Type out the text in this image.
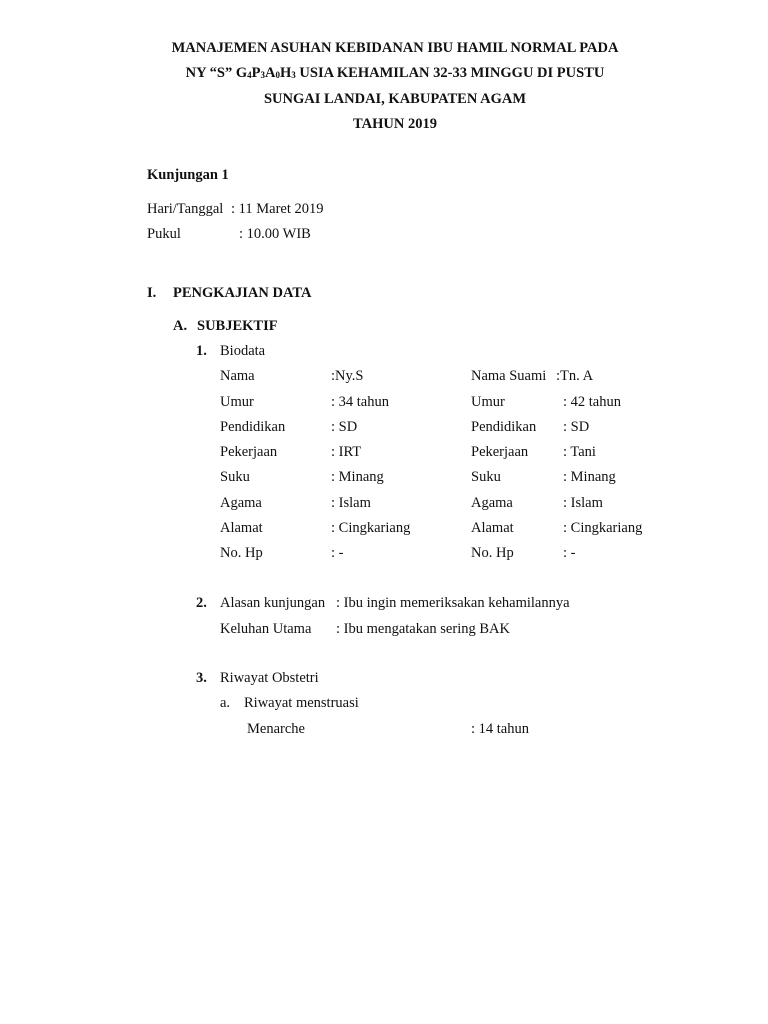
MANAJEMEN ASUHAN KEBIDANAN IBU HAMIL NORMAL PADA
NY “S” $G_4P_3A_0H_3$ USIA KEHAMILAN 32-33 MINGGU DI PUSTU
SUNGAI LANDAI, KABUPATEN AGAM
TAHUN 2019
Kunjungan 1
Hari/Tanggal : 11 Maret 2019
Pukul	: 10.00 WIB
I. PENGKAJIAN DATA
A. SUBJEKTIF
1. Biodata
Nama	:Ny.S	Nama Suami :Tn. A
Umur	: 34 tahun	Umur	: 42 tahun
Pendidikan	: SD	Pendidikan : SD
Pekerjaan	: IRT	Pekerjaan : Tani
Suku	: Minang	Suku	: Minang
Agama	: Islam	Agama	: Islam
Alamat	: Cingkariang	Alamat	: Cingkariang
No. Hp	: -	No. Hp	: -
2. Alasan kunjungan : Ibu ingin memeriksakan kehamilannya
Keluhan Utama : Ibu mengatakan sering BAK
3. Riwayat Obstetri
a. Riwayat menstruasi
Menarche	: 14 tahun
